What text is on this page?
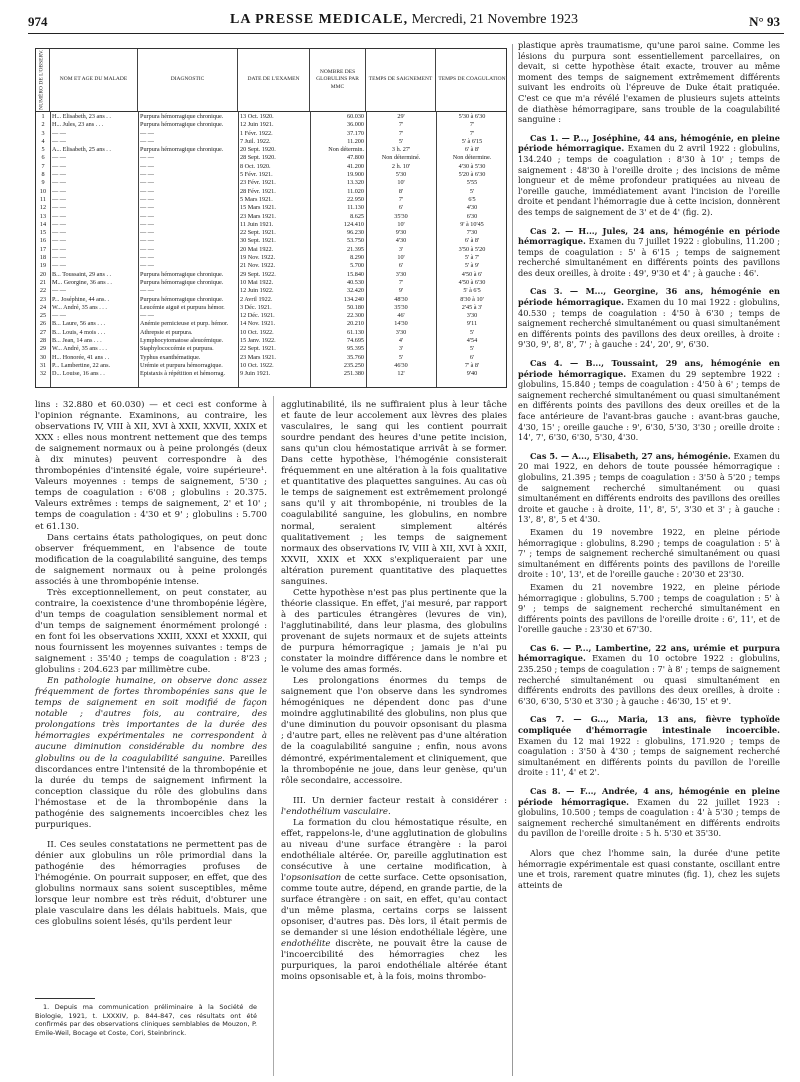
974	LA PRESSE MEDICALE, Mercredi, 21 Novembre 1923	N° 93
NUMÉRO DE L'OBSERV.	NOM ET AGE DU MALADE	DIAGNOSTIC	DATE DE L'EXAMEN
NOMBRE DES GLOBULINS PAR MMC
TEMPS DE SAIGNEMENT	TEMPS DE COAGULATION
1	H... Elisabeth, 23 ans . .	Purpura hémorragique chronique.	13 Oct. 1920.	60.030	29'	5'30 à 6'30
2	H... Jules, 23 ans . . .	Purpura hémorragique chronique.	12 Juin 1921.	36.000	7'	7'
3	— —	— —	1 Févr. 1922.	37.170	7'	7'
4	— —	— —	7 Juil. 1922.	11.200	5'	5' à 6'15
5	A... Elisabeth, 25 ans . .	Purpura hémorragique chronique.	20 Sept. 1920.	Non détermin.	3 h. 27'	6' à 8'
6	— —	— —	28 Sept. 1920.	47.800	Non déterminé.	Non détermine.
7	— —	— —	8 Oct. 1920.	41.200	2 h. 10'	4'30 à 5'30
8	— —	— —	5 Févr. 1921.	19.900	5'30	5'20 à 6'30
9	— —	— —	23 Févr. 1921.	13.320	10'	5'55
10 — —	— —	28 Févr. 1921.	11.020	8'	5'
11 — —	— —	5 Mars 1921.	22.950	7'	6'5
12 — —	— —	15 Mars 1921.	11.130	6'	4'30
13 — —	— —	23 Mars 1921.	8.625	35'30	6'30
14 — —	— —	11 Juin 1921.	124.410	10'	9' à 10'45
15 — —	— —	22 Sept. 1921.	96.230	9'30	7'30
16 — —	— —	30 Sept. 1921.	53.750	4'30	6' à 8'
17 — —	— —	20 Mai 1922.	21.395	3'	3'50 à 5'20
18 — —	— —	19 Nov. 1922.	8.290	10'	5' à 7'
19 — —	— —	21 Nov. 1922.	5.700	6'	5' à 9'
20 B... Toussaint, 29 ans . .	Purpura hémorragique chronique.	29 Sept. 1922.	15.840	3'30	4'50 à 6'
21 M... Georgine, 36 ans . .	Purpura hémorragique chronique.	10 Mai 1922.	40.530	7'	4'50 à 6'30
22 — —	— —	12 Juin 1922.	32.420	9'	5' à 6'5
23 P... Joséphine, 44 ans. .	Purpura hémorragique chronique.	2 Avril 1922.	134.240	48'30	8'30 à 10'
24 W... André, 35 ans . . .	Leucémie aiguë et purpura hémor.	3 Déc. 1921.	50.180	35'30	2'45 à 3'
25 — —	— —	12 Déc. 1921.	22.300	46'	3'30
26 B... Laure, 56 ans . . .	Anémie pernicieuse et purp. hémor.	14 Nov. 1921.	20.210	14'30	9'11
27 B... Louis, 4 mois . . .	Athrepsie et purpura.	10 Oct. 1922.	61.130	3'30	5'
28 B... Jean, 14 ans . . .	Lymphocytomatose aleucémique.	15 Janv. 1922.	74.695	4'	4'54
29 W... André, 35 ans . . .	Staphylococcémie et purpura.	22 Sept. 1921.	95.395	3'	5'
30 H... Honorée, 41 ans . .	Typhus exanthématique.	23 Mars 1921.	35.760	5'	6'
31 P... Lambertine, 22 ans.	Urémie et purpura hémorragique.	10 Oct. 1922.	235.250	46'30	7' à 8'
32 D... Louise, 16 ans . .	Epistaxis à répétition et hémorrag.	9 Juin 1921.	251.380	12'	9'40

lins : 32.880 et 60.030) — et ceci est conforme à l'opinion régnante. Examinons, au contraire, les observations IV, VIII à XII, XVI à XXII, XXVII, XXIX et XXX : elles nous montrent nettement que des temps de saignement normaux ou à peine prolongés (deux à dix minutes) peuvent correspondre à des thrombopénies d'intensité égale, voire supérieure¹. Valeurs moyennes : temps de saignement, 5'30 ; temps de coagulation : 6'08 ; globulins : 20.375. Valeurs extrêmes : temps de saignement, 2' et 10' ; temps de coagulation : 4'30 et 9' ; globulins : 5.700 et 61.130.

Dans certains états pathologiques, on peut donc observer fréquemment, en l'absence de toute modification de la coagulabilité sanguine, des temps de saignement normaux ou à peine prolongés associés à une thrombopénie intense.

Très exceptionnellement, on peut constater, au contraire, la coexistence d'une thrombopénie légère, d'un temps de coagulation sensiblement normal et d'un temps de saignement énormément prolongé : en font foi les observations XXIII, XXXI et XXXII, qui nous fournissent les moyennes suivantes : temps de saignement : 35'40 ; temps de coagulation : 8'23 ; globulins : 204.623 par millimètre cube.

En pathologie humaine, on observe donc assez fréquemment de fortes thrombopénies sans que le temps de saignement en soit modifié de façon notable ; d'autres fois, au contraire, des prolongations très importantes de la durée des hémorragies expérimentales ne correspondent à aucune diminution considérable du nombre des globulins ou de la coagulabilité sanguine. Pareilles discordances entre l'intensité de la thrombopénie et la durée du temps de saignement infirment la conception classique du rôle des globulins dans l'hémostase et de la thrombopénie dans la pathogénie des saignements incoercibles chez les purpuriques.

II. Ces seules constatations ne permettent pas de dénier aux globulins un rôle primordial dans la pathogénie des hémorragies profuses de l'hémogénie. On pourrait supposer, en effet, que des globulins normaux sans soient susceptibles, même lorsque leur nombre est très réduit, d'obturer une plaie vasculaire dans les délais habituels. Mais, que ces globulins soient lésés, qu'ils perdent leur

1. Depuis ma communication préliminaire à la Société de Biologie, 1921, t. LXXXIV, p. 844-847, ces résultats ont été confirmés par des observations cliniques semblables de Mouzon, P. Emile-Weil, Bocage et Coste, Cori, Steinbrinck.

agglutinabilité, ils ne suffiraient plus à leur tâche et faute de leur accolement aux lèvres des plaies vasculaires, le sang qui les contient pourrait sourdre pendant des heures d'une petite incision, sans qu'un clou hémostatique arrivât à se former. Dans cette hypothèse, l'hémogénie consisterait fréquemment en une altération à la fois qualitative et quantitative des plaquettes sanguines. Au cas où le temps de saignement est extrêmement prolongé sans qu'il y ait thrombopénie, ni troubles de la coagulabilité sanguine, les globulins, en nombre normal, seraient simplement altérés qualitativement ; les temps de saignement normaux des observations IV, VIII à XII, XVI à XXII, XXVII, XXIX et XXX s'expliqueraient par une altération purement quantitative des plaquettes sanguines.

Cette hypothèse n'est pas plus pertinente que la théorie classique. En effet, j'ai mesuré, par rapport à des particules étrangères (levures de vin), l'agglutinabilité, dans leur plasma, des globulins provenant de sujets normaux et de sujets atteints de purpura hémorragique ; jamais je n'ai pu constater la moindre différence dans le nombre et le volume des amas formés.

Les prolongations énormes du temps de saignement que l'on observe dans les syndromes hémogéniques ne dépendent donc pas d'une moindre agglutinabilité des globulins, non plus que d'une diminution du pouvoir opsonisant du plasma ; d'autre part, elles ne relèvent pas d'une altération de la coagulabilité sanguine ; enfin, nous avons démontré, expérimentalement et cliniquement, que la thrombopénie ne joue, dans leur genèse, qu'un rôle secondaire, accessoire.

III. Un dernier facteur restait à considérer : l'endothélium vasculaire.

La formation du clou hémostatique résulte, en effet, rappelons-le, d'une agglutination de globulins au niveau d'une surface étrangère : la paroi endothéliale altérée. Or, pareille agglutination est consécutive à une certaine modification, à l'opsonisation de cette surface. Cette opsonisation, comme toute autre, dépend, en grande partie, de la surface étrangère : on sait, en effet, qu'au contact d'un même plasma, certains corps se laissent opsoniser, d'autres pas. Dès lors, il était permis de se demander si une lésion endothéliale légère, une endothélite discrète, ne pouvait être la cause de l'incoercibilité des hémorragies chez les purpuriques, la paroi endothéliale altérée étant moins opsonisable et, à la fois, moins thrombo-

plastique après traumatisme, qu'une paroi saine. Comme les lésions du purpura sont essentiellement parcellaires, on devait, si cette hypothèse était exacte, trouver au même moment des temps de saignement extrêmement différents suivant les endroits où l'épreuve de Duke était pratiquée. C'est ce que m'a révélé l'examen de plusieurs sujets atteints de diathèse hémorragipare, sans trouble de la coagulabilité sanguine :

Cas 1. — P..., Joséphine, 44 ans, hémogénie, en pleine période hémorragique. Examen du 2 avril 1922 : globulins, 134.240 ; temps de coagulation : 8'30 à 10' ; temps de saignement : 48'30 à l'oreille droite ; des incisions de même longueur et de même profondeur pratiquées au niveau de l'oreille gauche, immédiatement avant l'incision de l'oreille droite et pendant l'hémorragie due à cette incision, donnèrent des temps de saignement de 3' et de 4' (fig. 2).

Cas 2. — H..., Jules, 24 ans, hémogénie en période hémorragique. Examen du 7 juillet 1922 : globulins, 11.200 ; temps de coagulation : 5' à 6'15 ; temps de saignement recherché simultanément en différents points des pavillons des deux oreilles, à droite : 49', 9'30 et 4' ; à gauche : 46'.

Cas 3. — M..., Georgine, 36 ans, hémogénie en période hémorragique. Examen du 10 mai 1922 : globulins, 40.530 ; temps de coagulation : 4'50 à 6'30 ; temps de saignement recherché simultanément ou quasi simultanément en différents points des pavillons des deux oreilles, à droite : 9'30, 9', 8', 8', 7' ; à gauche : 24', 20', 9', 6'30.

Cas 4. — B..., Toussaint, 29 ans, hémogénie en période hémorragique. Examen du 29 septembre 1922 : globulins, 15.840 ; temps de coagulation : 4'50 à 6' ; temps de saignement recherché simultanément ou quasi simultanément en différents points des pavillons des deux oreilles et de la face antérieure de l'avant-bras gauche : avant-bras gauche, 4'30, 15' ; oreille gauche : 9', 6'30, 5'30, 3'30 ; oreille droite : 14', 7', 6'30, 6'30, 5'30, 4'30.

Cas 5. — A..., Elisabeth, 27 ans, hémogénie. Examen du 20 mai 1922, en dehors de toute poussée hémorragique : globulins, 21.395 ; temps de coagulation : 3'50 à 5'20 ; temps de saignement recherché simultanément ou quasi simultanément en différents endroits des pavillons des oreilles droite et gauche : à droite, 11', 8', 5', 3'30 et 3' ; à gauche : 13', 8', 8', 5 et 4'30.

Examen du 19 novembre 1922, en pleine période hémorragique : globulins, 8.290 ; temps de coagulation : 5' à 7' ; temps de saignement recherché simultanément ou quasi simultanément en différents points des pavillons de l'oreille droite : 10', 13', et de l'oreille gauche : 20'30 et 23'30.

Examen du 21 novembre 1922, en pleine période hémorragique : globulins, 5.700 ; temps de coagulation : 5' à 9' ; temps de saignement recherché simultanément en différents points des pavillons de l'oreille droite : 6', 11', et de l'oreille gauche : 23'30 et 67'30.

Cas 6. — P..., Lambertine, 22 ans, urémie et purpura hémorragique. Examen du 10 octobre 1922 : globulins, 235.250 ; temps de coagulation : 7' à 8' ; temps de saignement recherché simultanément ou quasi simultanément en différents endroits des pavillons des deux oreilles, à droite : 6'30, 6'30, 5'30 et 3'30 ; à gauche : 46'30, 15' et 9'.

Cas 7. — G..., Maria, 13 ans, fièvre typhoïde compliquée d'hémorragie intestinale incoercible. Examen du 12 mai 1922 : globulins, 171.920 ; temps de coagulation : 3'50 à 4'30 ; temps de saignement recherché simultanément en différents points du pavillon de l'oreille droite : 11', 4' et 2'.

Cas 8. — F..., Andrée, 4 ans, hémogénie en pleine période hémorragique. Examen du 22 juillet 1923 : globulins, 10.500 ; temps de coagulation : 4' à 5'30 ; temps de saignement recherché simultanément en différents endroits du pavillon de l'oreille droite : 5 h. 5'30 et 35'30.

Alors que chez l'homme sain, la durée d'une petite hémorragie expérimentale est quasi constante, oscillant entre une et trois, rarement quatre minutes (fig. 1), chez les sujets atteints de
